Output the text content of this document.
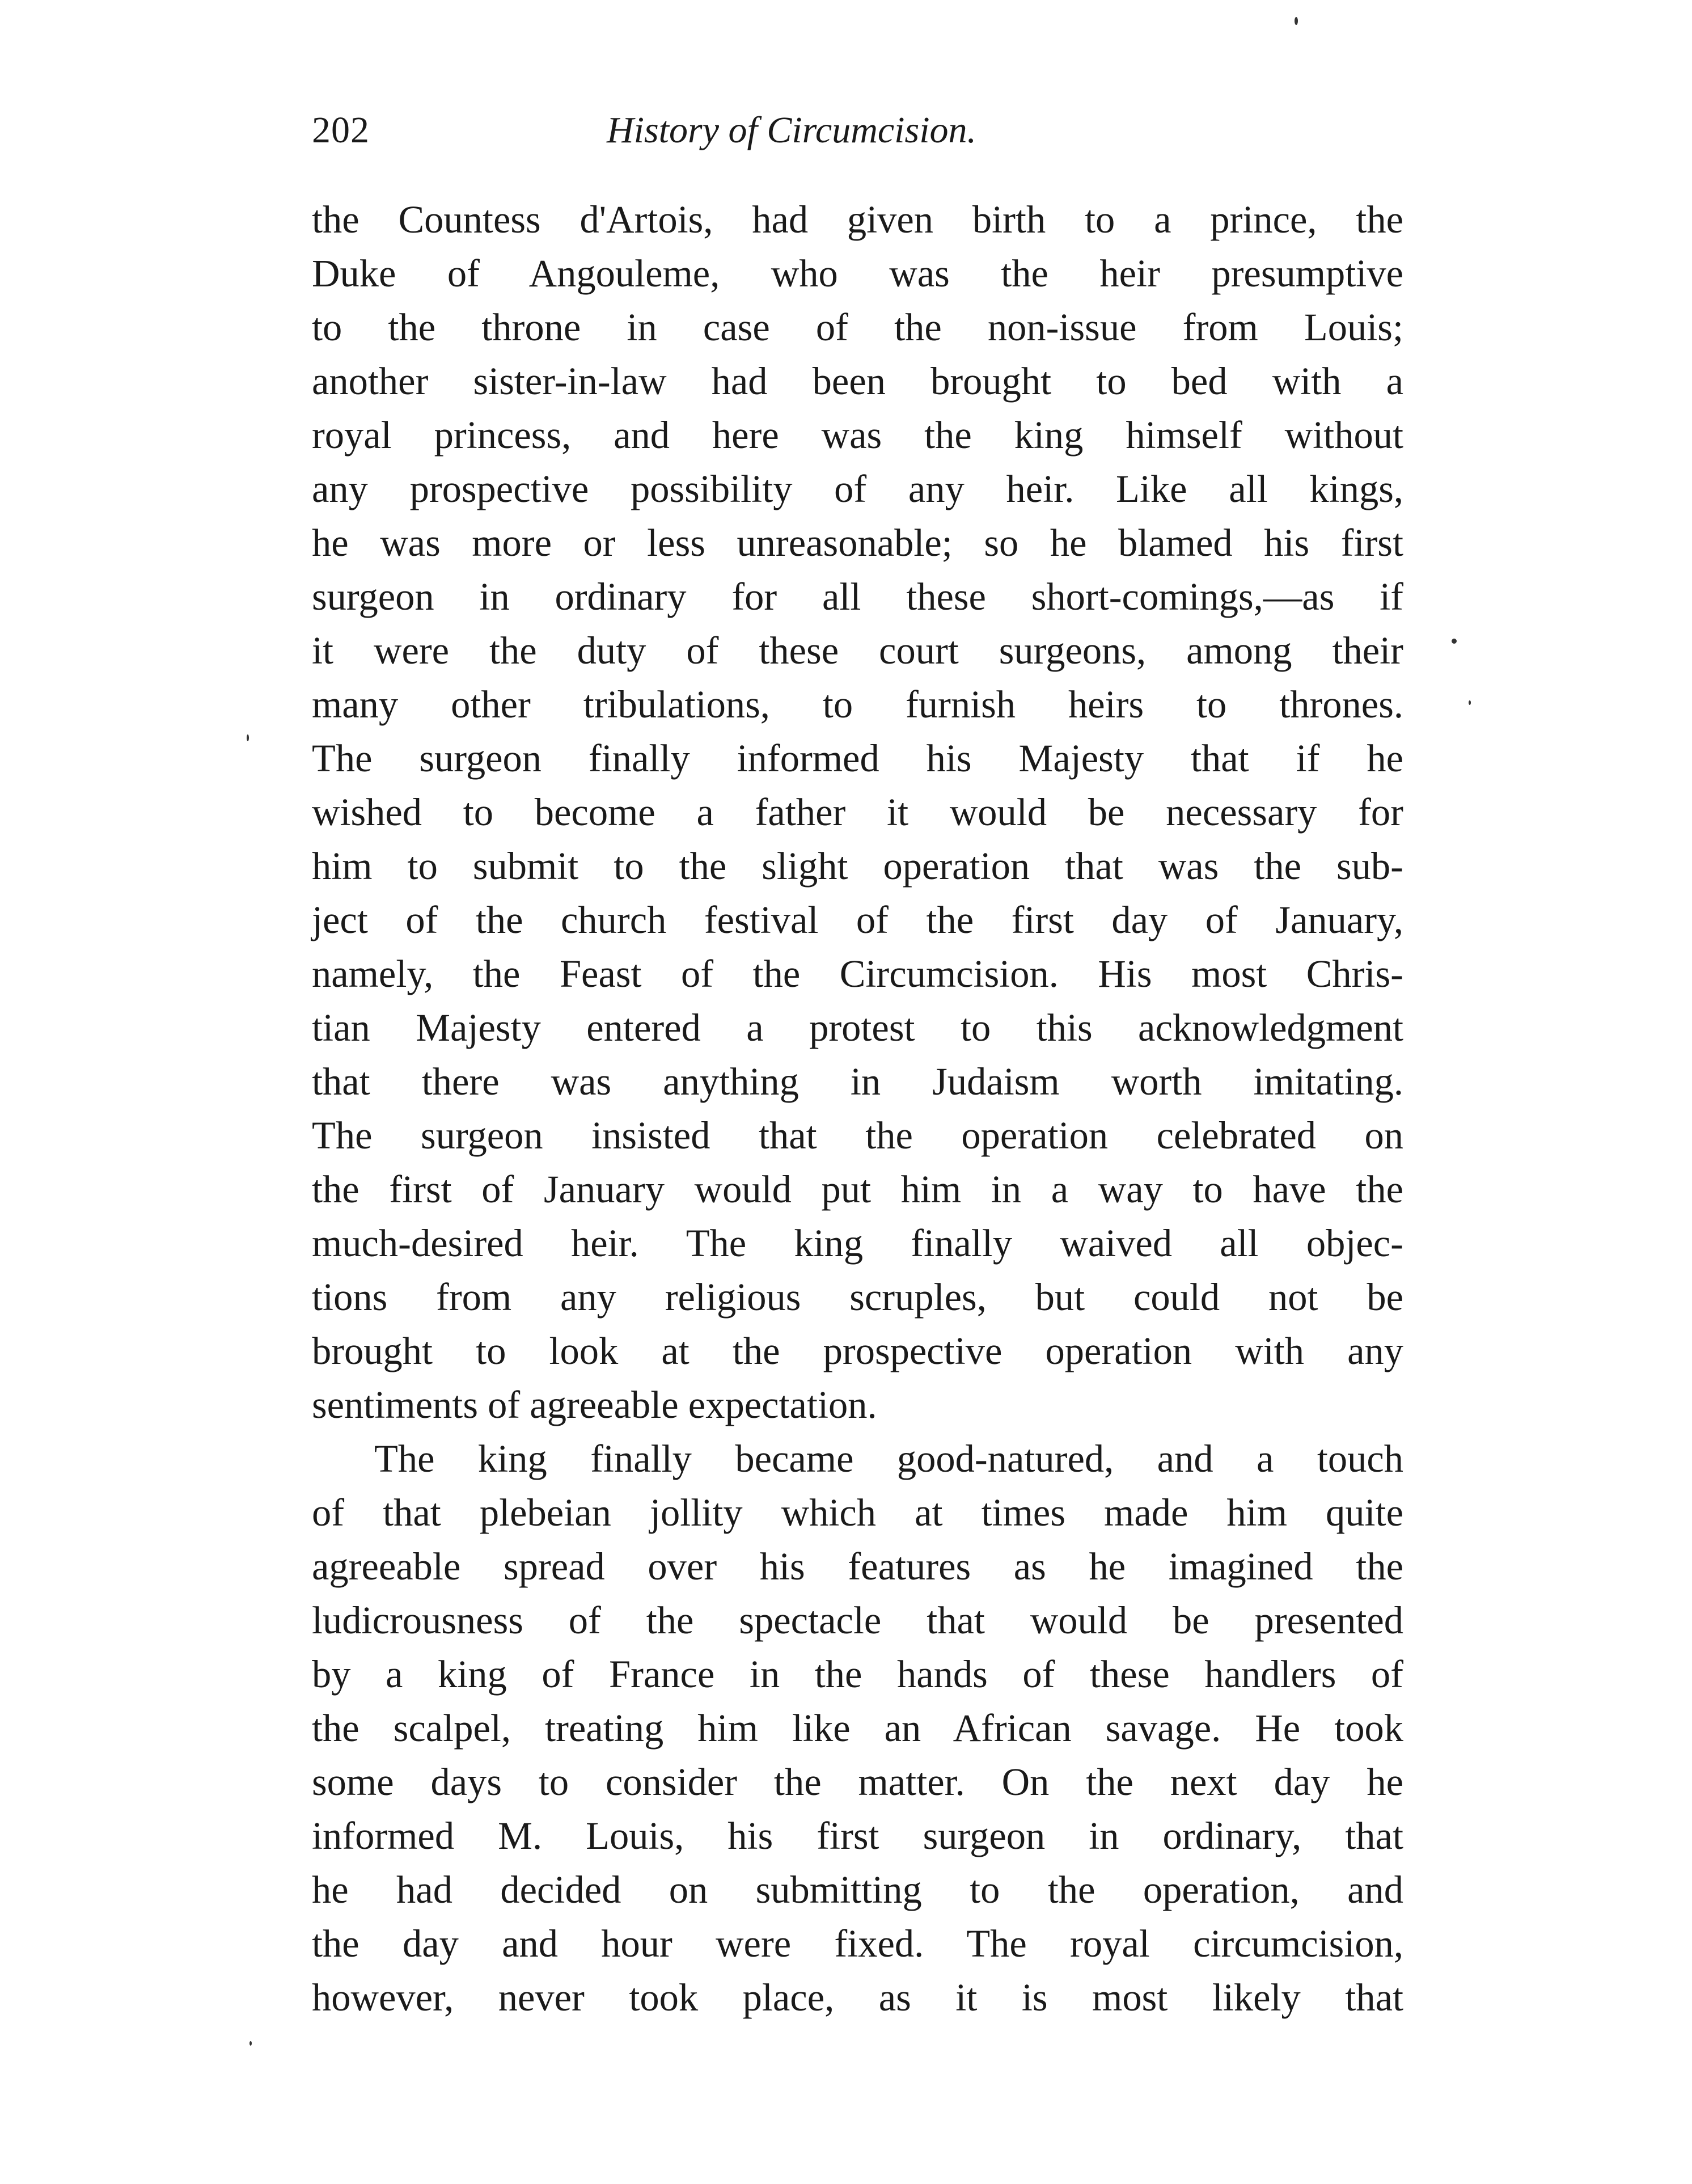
202	History of Circumcision.
the Countess d'Artois, had given birth to a prince, the
Duke of Angouleme, who was the heir presumptive
to the throne in case of the non-issue from Louis;
another sister-in-law had been brought to bed with a
royal princess, and here was the king himself without
any prospective possibility of any heir. Like all kings,
he was more or less unreasonable; so he blamed his first
surgeon in ordinary for all these short-comings,—as if
it were the duty of these court surgeons, among their
many other tribulations, to furnish heirs to thrones.
The surgeon finally informed his Majesty that if he
wished to become a father it would be necessary for
him to submit to the slight operation that was the sub-
ject of the church festival of the first day of January,
namely, the Feast of the Circumcision. His most Chris-
tian Majesty entered a protest to this acknowledgment
that there was anything in Judaism worth imitating.
The surgeon insisted that the operation celebrated on
the first of January would put him in a way to have the
much-desired heir. The king finally waived all objec-
tions from any religious scruples, but could not be
brought to look at the prospective operation with any
sentiments of agreeable expectation.
The king finally became good-natured, and a touch
of that plebeian jollity which at times made him quite
agreeable spread over his features as he imagined the
ludicrousness of the spectacle that would be presented
by a king of France in the hands of these handlers of
the scalpel, treating him like an African savage. He took
some days to consider the matter. On the next day he
informed M. Louis, his first surgeon in ordinary, that
he had decided on submitting to the operation, and
the day and hour were fixed. The royal circumcision,
however, never took place, as it is most likely that
